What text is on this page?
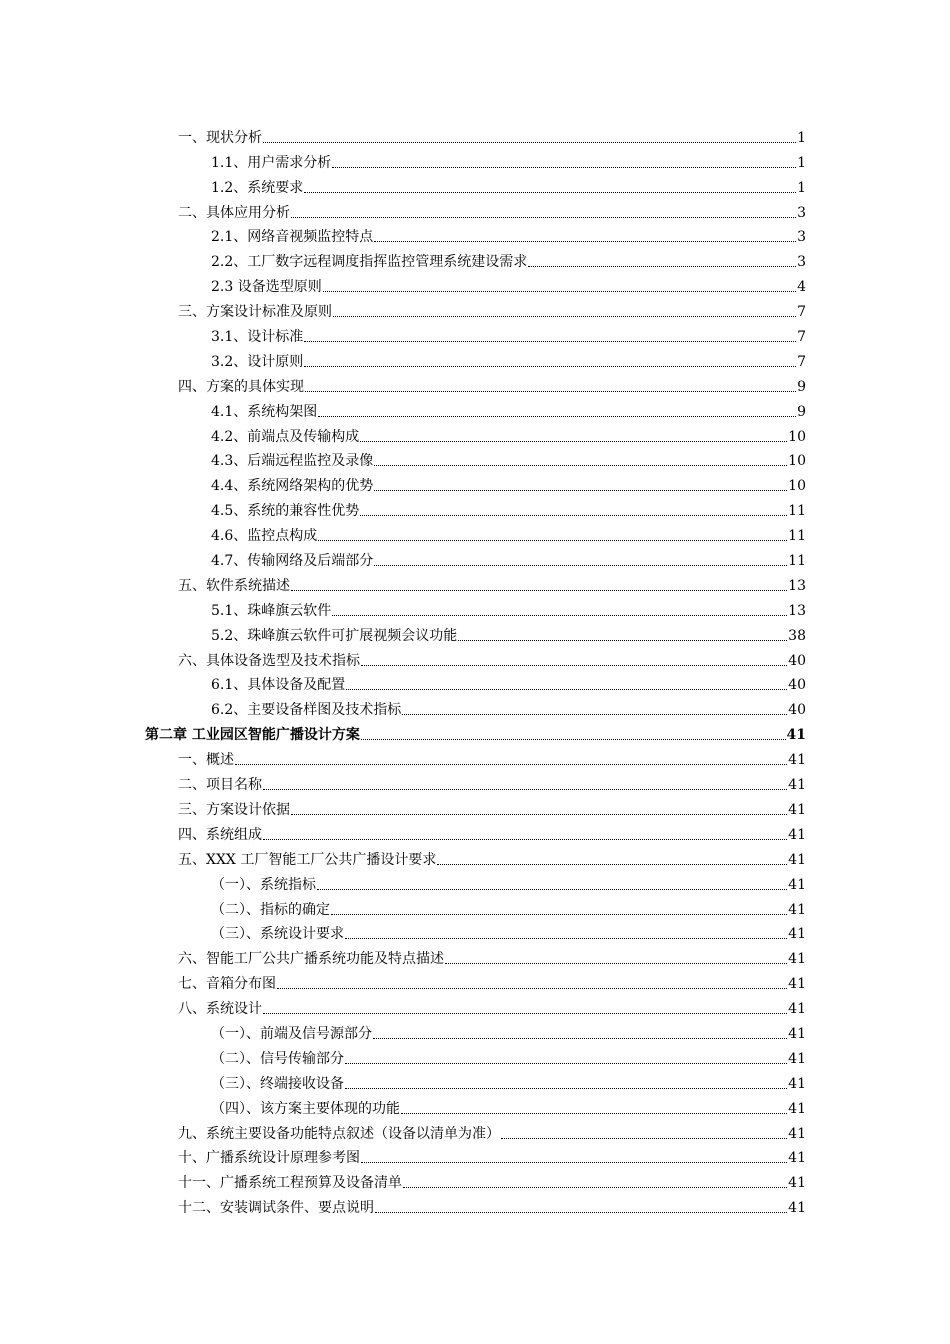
一、现状分析	1
1.1、用户需求分析	1
1.2、系统要求	1
二、具体应用分析	3
2.1、网络音视频监控特点	3
2.2、工厂数字远程调度指挥监控管理系统建设需求	3
2.3 设备选型原则	4
三、方案设计标准及原则	7
3.1、设计标准	7
3.2、设计原则	7
四、方案的具体实现	9
4.1、系统构架图	9
4.2、前端点及传输构成	10
4.3、后端远程监控及录像	10
4.4、系统网络架构的优势	10
4.5、系统的兼容性优势	11
4.6、监控点构成	11
4.7、传输网络及后端部分	11
五、软件系统描述	13
5.1、珠峰旗云软件	13
5.2、珠峰旗云软件可扩展视频会议功能	38
六、具体设备选型及技术指标	40
6.1、具体设备及配置	40
6.2、主要设备样图及技术指标	40
第二章 工业园区智能广播设计方案	41
一、概述	41
二、项目名称	41
三、方案设计依据	41
四、系统组成	41
五、XXX 工厂智能工厂公共广播设计要求	41
（一）、系统指标	41
（二）、指标的确定	41
（三）、系统设计要求	41
六、智能工厂公共广播系统功能及特点描述	41
七、音箱分布图	41
八、系统设计	41
（一）、前端及信号源部分	41
（二）、信号传输部分	41
（三）、终端接收设备	41
（四）、该方案主要体现的功能	41
九、系统主要设备功能特点叙述（设备以清单为准）	41
十、广播系统设计原理参考图	41
十一、广播系统工程预算及设备清单	41
十二、安装调试条件、要点说明	41
